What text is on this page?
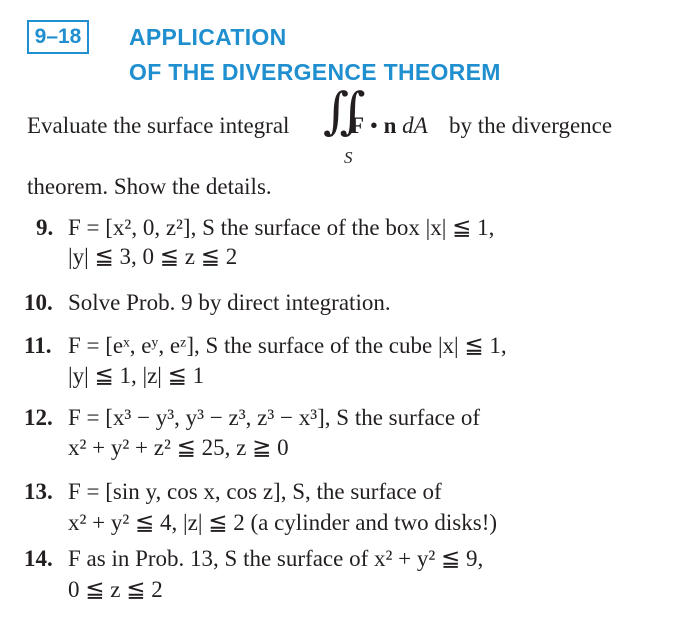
9–18	APPLICATION
OF THE DIVERGENCE THEOREM
Evaluate the surface integral ∬
S
F • n dA by the divergence
theorem. Show the details.
9. F = [x², 0, z²], S the surface of the box |x| ≦ 1,
|y| ≦ 3, 0 ≦ z ≦ 2
10. Solve Prob. 9 by direct integration.
11. F = [eˣ, eʸ, eᶻ], S the surface of the cube |x| ≦ 1,
|y| ≦ 1, |z| ≦ 1
12. F = [x³ − y³, y³ − z³, z³ − x³], S the surface of
x² + y² + z² ≦ 25, z ≧ 0
13. F = [sin y, cos x, cos z], S, the surface of
x² + y² ≦ 4, |z| ≦ 2 (a cylinder and two disks!)
14. F as in Prob. 13, S the surface of x² + y² ≦ 9,
0 ≦ z ≦ 2
